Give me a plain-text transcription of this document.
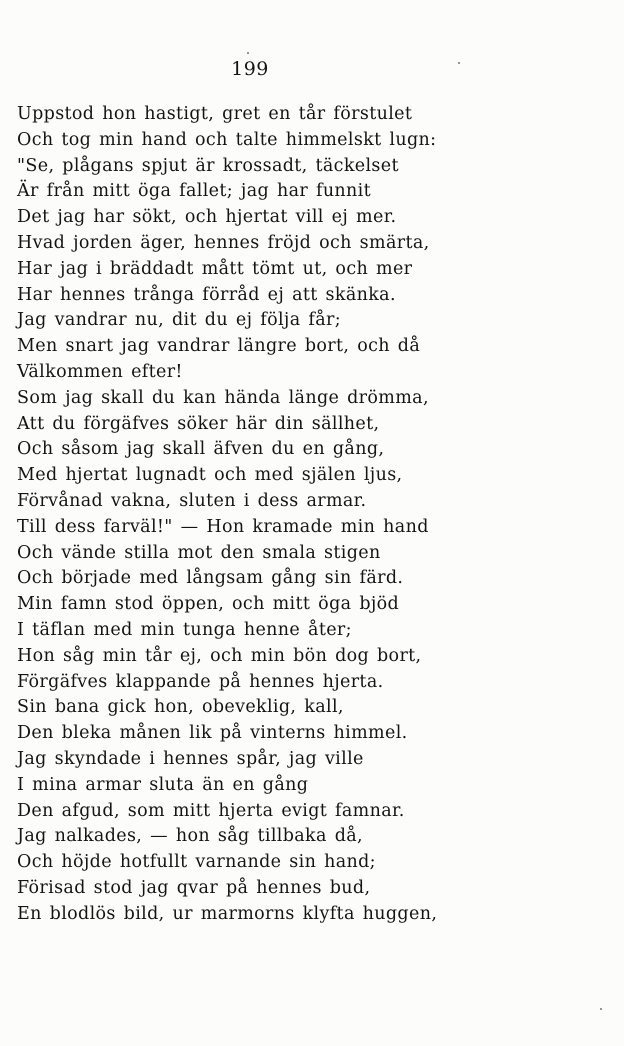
199
Uppstod hon hastigt, gret en tår förstulet
Och tog min hand och talte himmelskt lugn:
"Se, plågans spjut är krossadt, täckelset
Är från mitt öga fallet; jag har funnit
Det jag har sökt, och hjertat vill ej mer.
Hvad jorden äger, hennes fröjd och smärta,
Har jag i bräddadt mått tömt ut, och mer
Har hennes trånga förråd ej att skänka.
Jag vandrar nu, dit du ej följa får;
Men snart jag vandrar längre bort, och då
Välkommen efter!
Som jag skall du kan hända länge drömma,
Att du förgäfves söker här din sällhet,
Och såsom jag skall äfven du en gång,
Med hjertat lugnadt och med själen ljus,
Förvånad vakna, sluten i dess armar.
Till dess farväl!" — Hon kramade min hand
Och vände stilla mot den smala stigen
Och började med långsam gång sin färd.
Min famn stod öppen, och mitt öga bjöd
I täflan med min tunga henne åter;
Hon såg min tår ej, och min bön dog bort,
Förgäfves klappande på hennes hjerta.
Sin bana gick hon, obeveklig, kall,
Den bleka månen lik på vinterns himmel.
Jag skyndade i hennes spår, jag ville
I mina armar sluta än en gång
Den afgud, som mitt hjerta evigt famnar.
Jag nalkades, — hon såg tillbaka då,
Och höjde hotfullt varnande sin hand;
Förisad stod jag qvar på hennes bud,
En blodlös bild, ur marmorns klyfta huggen,
